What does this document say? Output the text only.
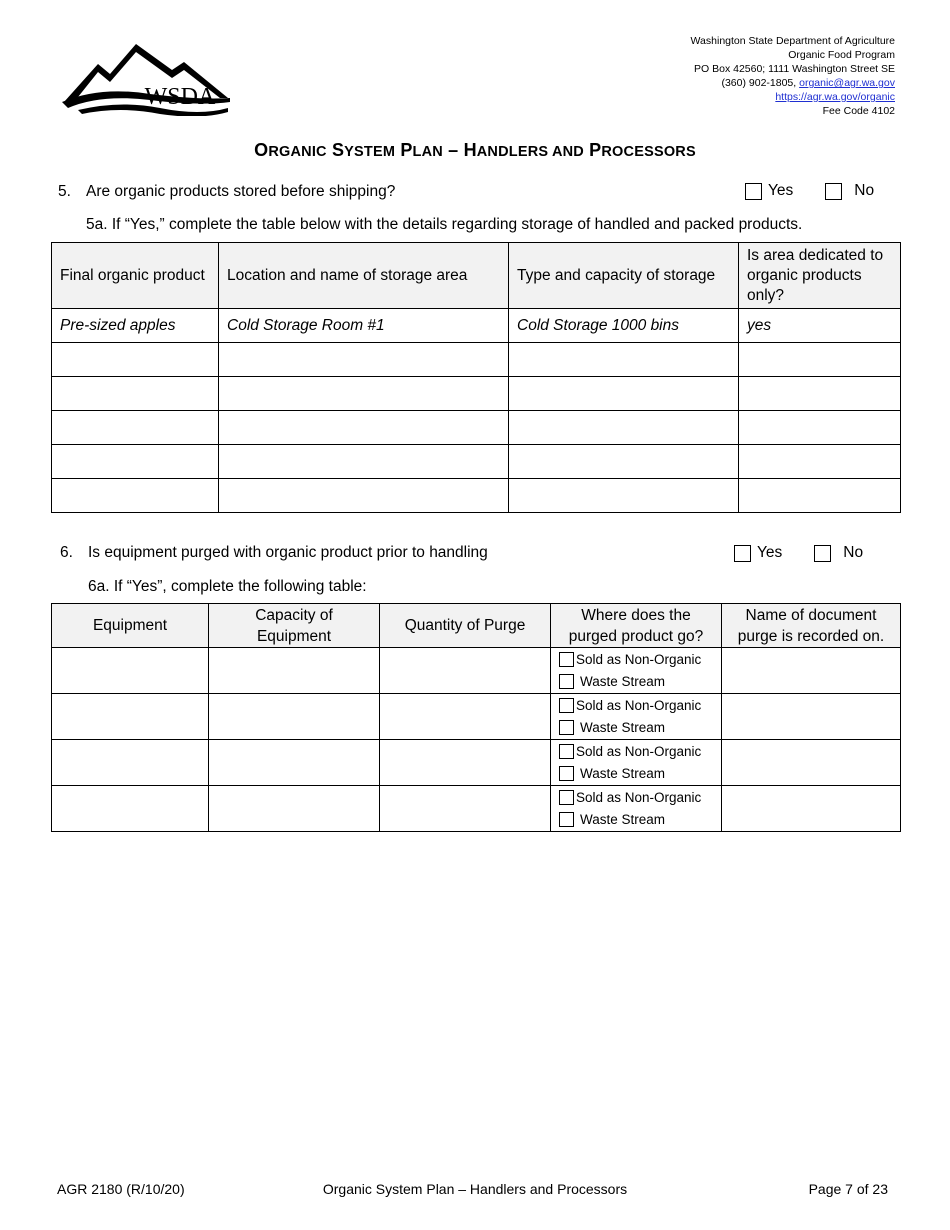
WSDA
Washington State Department of Agriculture
Organic Food Program
PO Box 42560; 1111 Washington Street SE
(360) 902-1805, organic@agr.wa.gov
https://agr.wa.gov/organic
Fee Code 4102
ORGANIC SYSTEM PLAN – HANDLERS AND PROCESSORS
5. Are organic products stored before shipping?	Yes	No
5a. If “Yes,” complete the table below with the details regarding storage of handled and packed products.
Final organic product	Location and name of storage area	Type and capacity of storage	Is area dedicated to organic products only?
Pre-sized apples	Cold Storage Room #1	Cold Storage 1000 bins	yes

6. Is equipment purged with organic product prior to handling	Yes	No
6a. If “Yes”, complete the following table:
Equipment	Capacity of Equipment	Quantity of Purge	Where does the purged product go?	Name of document purge is recorded on.

			Sold as Non-Organic
Waste Stream	

			Sold as Non-Organic
Waste Stream	

			Sold as Non-Organic
Waste Stream	

			Sold as Non-Organic
Waste Stream	

AGR 2180 (R/10/20)	Organic System Plan – Handlers and Processors	Page 7 of 23
